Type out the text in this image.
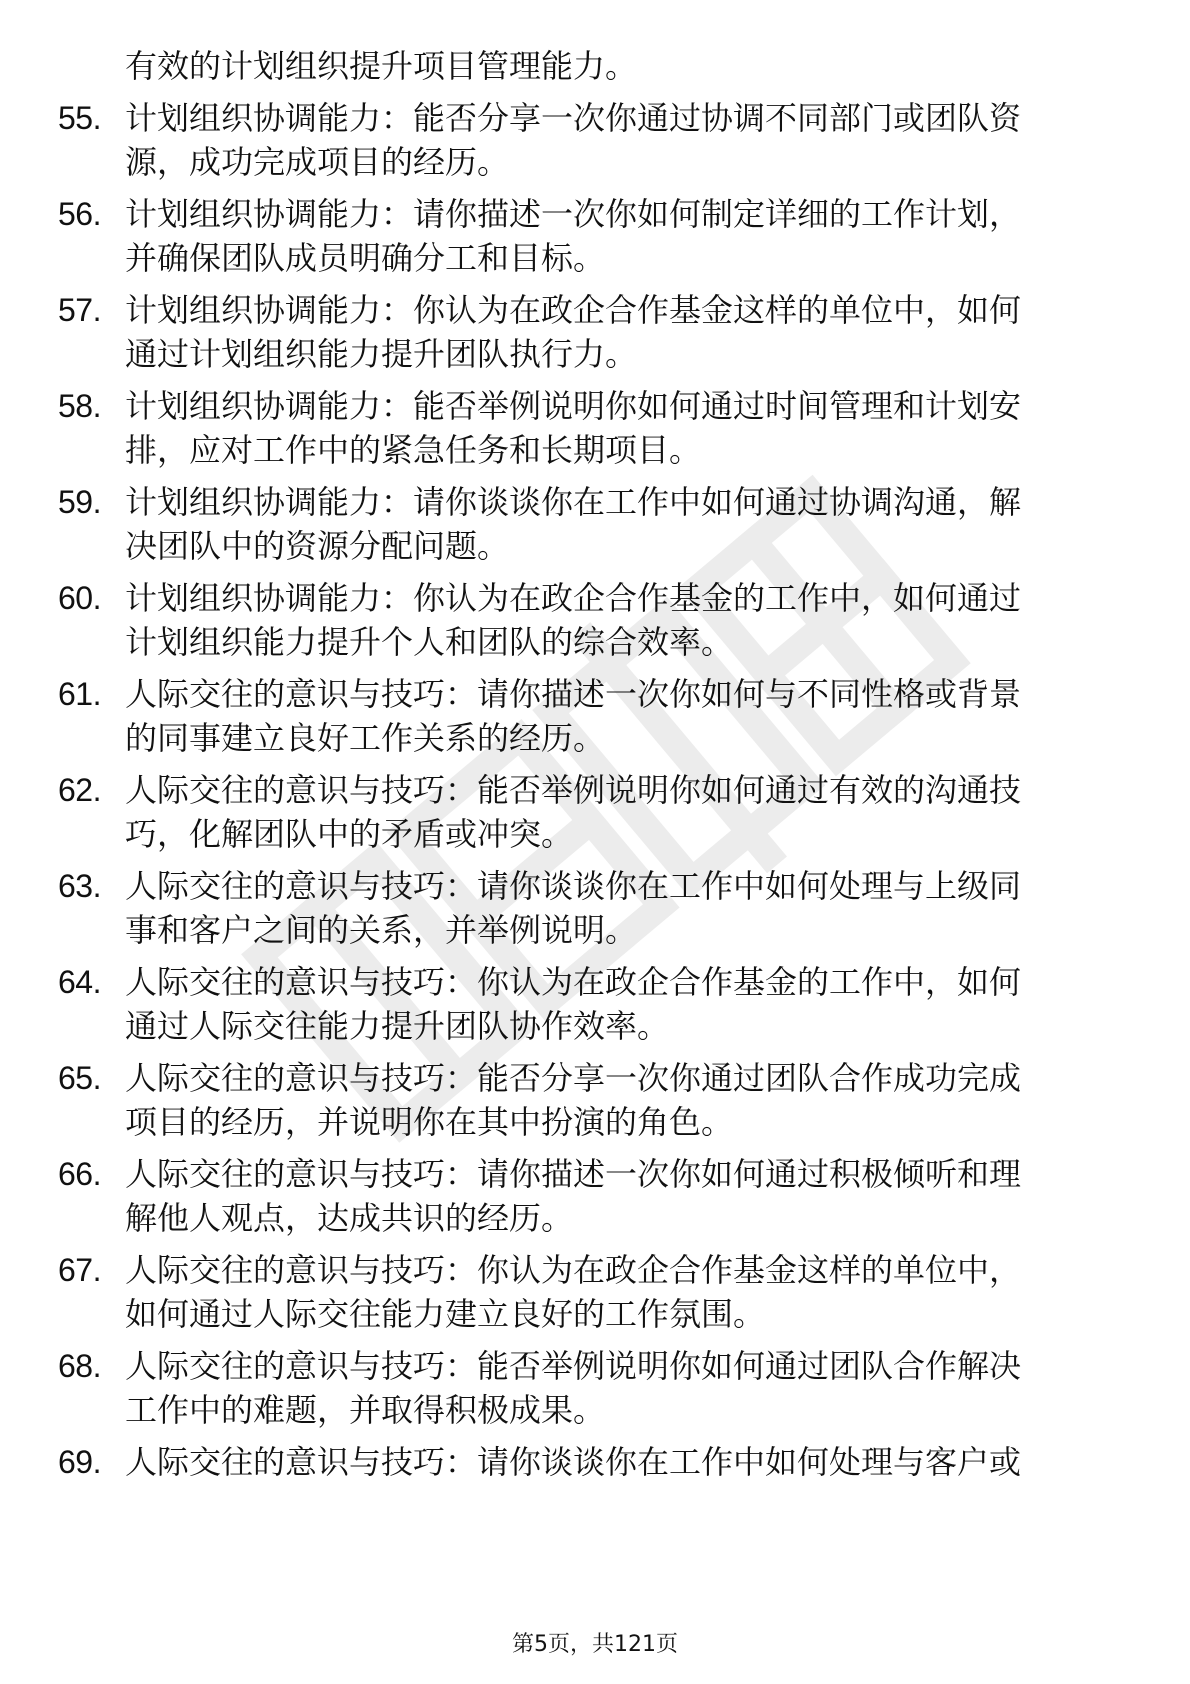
有效的计划组织提升项目管理能力。
55. 计划组织协调能力：能否分享一次你通过协调不同部门或团队资
源，成功完成项目的经历。
56. 计划组织协调能力：请你描述一次你如何制定详细的工作计划，
并确保团队成员明确分工和目标。
57. 计划组织协调能力：你认为在政企合作基金这样的单位中，如何
通过计划组织能力提升团队执行力。
58. 计划组织协调能力：能否举例说明你如何通过时间管理和计划安
排，应对工作中的紧急任务和长期项目。
59. 计划组织协调能力：请你谈谈你在工作中如何通过协调沟通，解
决团队中的资源分配问题。
60. 计划组织协调能力：你认为在政企合作基金的工作中，如何通过
计划组织能力提升个人和团队的综合效率。
61. 人际交往的意识与技巧：请你描述一次你如何与不同性格或背景
的同事建立良好工作关系的经历。
62. 人际交往的意识与技巧：能否举例说明你如何通过有效的沟通技
巧，化解团队中的矛盾或冲突。
63. 人际交往的意识与技巧：请你谈谈你在工作中如何处理与上级同
事和客户之间的关系，并举例说明。
64. 人际交往的意识与技巧：你认为在政企合作基金的工作中，如何
通过人际交往能力提升团队协作效率。
65. 人际交往的意识与技巧：能否分享一次你通过团队合作成功完成
项目的经历，并说明你在其中扮演的角色。
66. 人际交往的意识与技巧：请你描述一次你如何通过积极倾听和理
解他人观点，达成共识的经历。
67. 人际交往的意识与技巧：你认为在政企合作基金这样的单位中，
如何通过人际交往能力建立良好的工作氛围。
68. 人际交往的意识与技巧：能否举例说明你如何通过团队合作解决
工作中的难题，并取得积极成果。
69. 人际交往的意识与技巧：请你谈谈你在工作中如何处理与客户或
第5页，共121页
